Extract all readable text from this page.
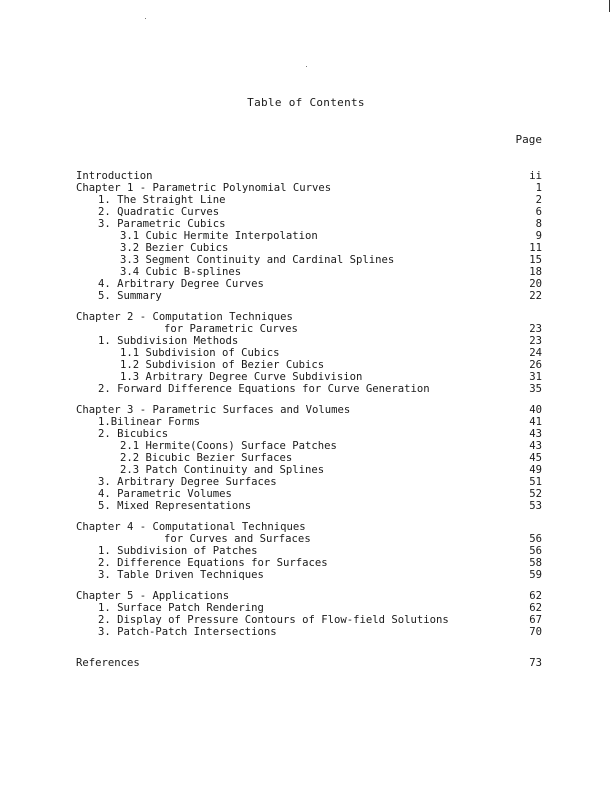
Table of Contents
Page
Introduction	ii
Chapter 1 - Parametric Polynomial Curves	1
1. The Straight Line	2
2. Quadratic Curves	6
3. Parametric Cubics	8
3.1 Cubic Hermite Interpolation	9
3.2 Bezier Cubics	11
3.3 Segment Continuity and Cardinal Splines	15
3.4 Cubic B-splines	18
4. Arbitrary Degree Curves	20
5. Summary	22
Chapter 2 - Computation Techniques
for Parametric Curves	23
1. Subdivision Methods	23
1.1 Subdivision of Cubics	24
1.2 Subdivision of Bezier Cubics	26
1.3 Arbitrary Degree Curve Subdivision	31
2. Forward Difference Equations for Curve Generation	35
Chapter 3 - Parametric Surfaces and Volumes	40
1.Bilinear Forms	41
2. Bicubics	43
2.1 Hermite(Coons) Surface Patches	43
2.2 Bicubic Bezier Surfaces	45
2.3 Patch Continuity and Splines	49
3. Arbitrary Degree Surfaces	51
4. Parametric Volumes	52
5. Mixed Representations	53
Chapter 4 - Computational Techniques
for Curves and Surfaces	56
1. Subdivision of Patches	56
2. Difference Equations for Surfaces	58
3. Table Driven Techniques	59
Chapter 5 - Applications	62
1. Surface Patch Rendering	62
2. Display of Pressure Contours of Flow-field Solutions	67
3. Patch-Patch Intersections	70
References	73
